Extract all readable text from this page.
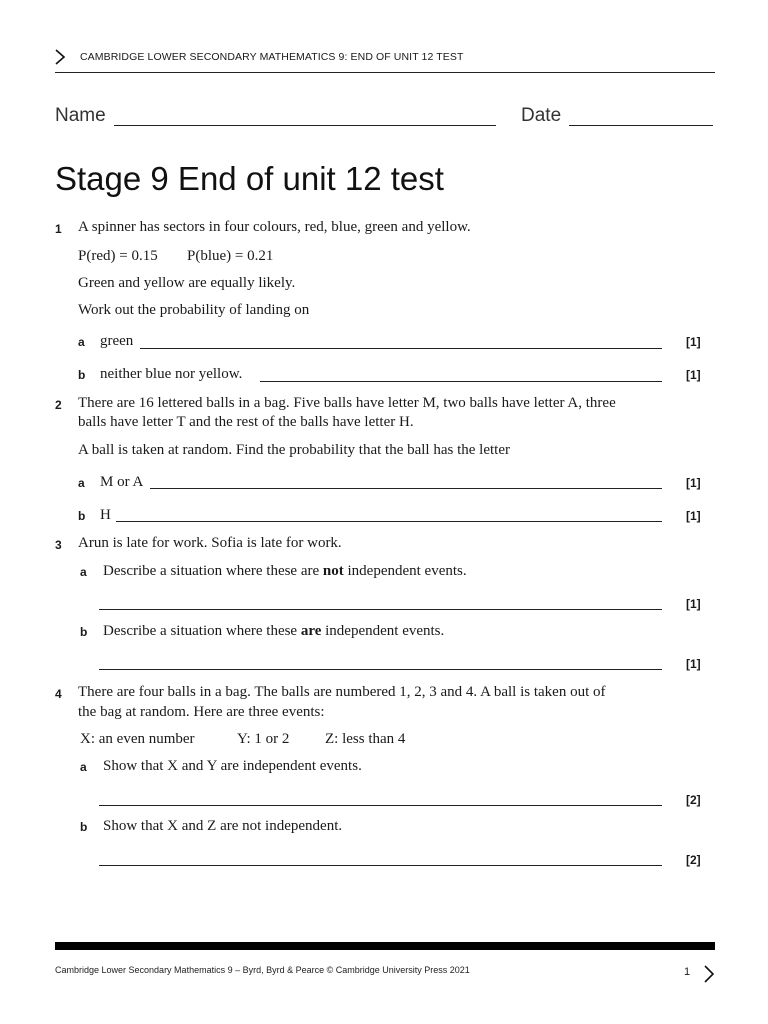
CAMBRIDGE LOWER SECONDARY MATHEMATICS 9: END OF UNIT 12 TEST
Name	Date
Stage 9 End of unit 12 test
1 A spinner has sectors in four colours, red, blue, green and yellow.
P(red) = 0.15 P(blue) = 0.21
Green and yellow are equally likely.
Work out the probability of landing on
a green	[1]
b neither blue nor yellow.	[1]
2 There are 16 lettered balls in a bag. Five balls have letter M, two balls have letter A, three
balls have letter T and the rest of the balls have letter H.
A ball is taken at random. Find the probability that the ball has the letter
a M or A	[1]
b H	[1]
3 Arun is late for work. Sofia is late for work.
a Describe a situation where these are not independent events.
[1]
b Describe a situation where these are independent events.
[1]
4 There are four balls in a bag. The balls are numbered 1, 2, 3 and 4. A ball is taken out of
the bag at random. Here are three events:
X: an even number	Y: 1 or 2 Z: less than 4
a Show that X and Y are independent events.
[2]
b Show that X and Z are not independent.
[2]
Cambridge Lower Secondary Mathematics 9 – Byrd, Byrd & Pearce © Cambridge University Press 2021	1
